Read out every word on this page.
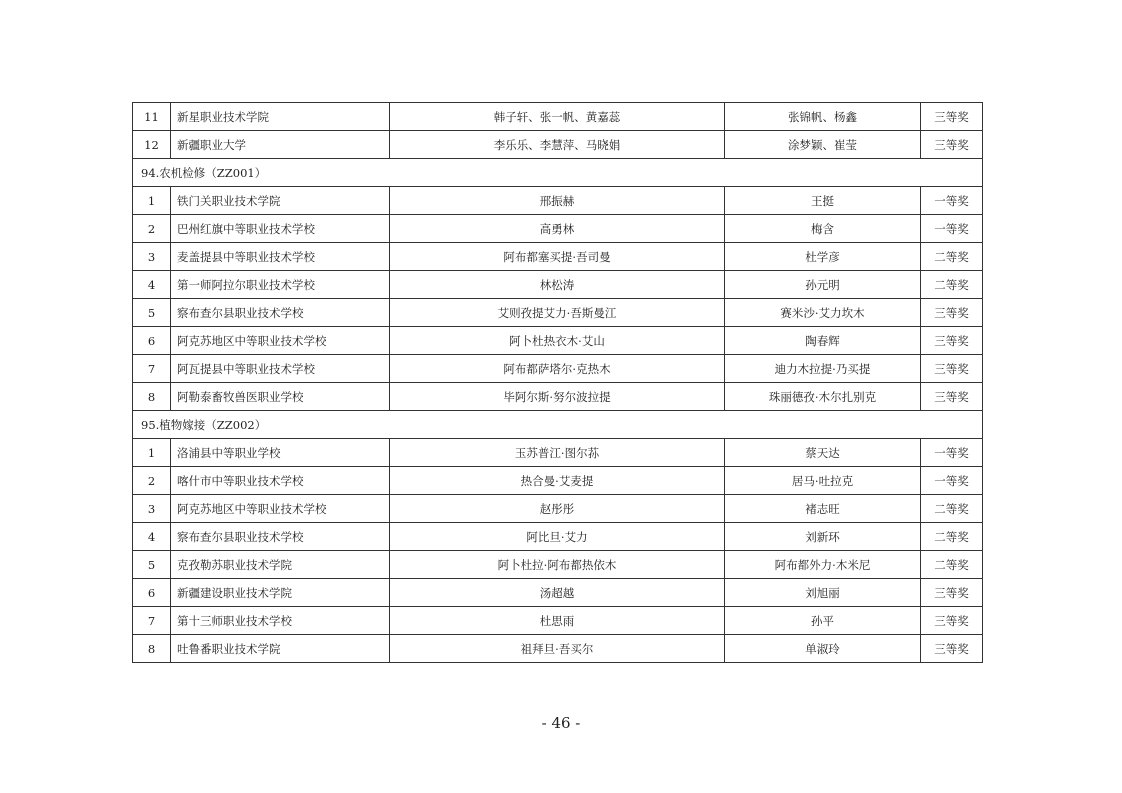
11	新星职业技术学院	韩子轩、张一帆、黄嘉蕊	张锦帆、杨鑫	三等奖
12	新疆职业大学	李乐乐、李慧萍、马晓娟	涂梦颖、崔莹	三等奖
94.农机检修（ZZ001）				
1	铁门关职业技术学院	邢振赫	王挺	一等奖
2	巴州红旗中等职业技术学校	高勇林	梅含	一等奖
3	麦盖提县中等职业技术学校	阿布都塞买提·吾司曼	杜学彦	二等奖
4	第一师阿拉尔职业技术学校	林松涛	孙元明	二等奖
5	察布查尔县职业技术学校	艾则孜提艾力·吾斯曼江	赛米沙·艾力坎木	三等奖
6	阿克苏地区中等职业技术学校	阿卜杜热衣木·艾山	陶春辉	三等奖
7	阿瓦提县中等职业技术学校	阿布都萨塔尔·克热木	迪力木拉提·乃买提	三等奖
8	阿勒泰畜牧兽医职业学校	毕阿尔斯·努尔波拉提	珠丽德孜·木尔扎别克	三等奖
95.植物嫁接（ZZ002）				
1	洛浦县中等职业学校	玉苏普江·图尔荪	蔡天达	一等奖
2	喀什市中等职业技术学校	热合曼·艾麦提	居马·吐拉克	一等奖
3	阿克苏地区中等职业技术学校	赵彤彤	褚志旺	二等奖
4	察布查尔县职业技术学校	阿比旦·艾力	刘新环	二等奖
5	克孜勒苏职业技术学院	阿卜杜拉·阿布都热依木	阿布都外力·木米尼	二等奖
6	新疆建设职业技术学院	汤超越	刘旭丽	三等奖
7	第十三师职业技术学校	杜思雨	孙平	三等奖
8	吐鲁番职业技术学院	祖拜旦·吾买尔	单淑玲	三等奖
- 46 -
